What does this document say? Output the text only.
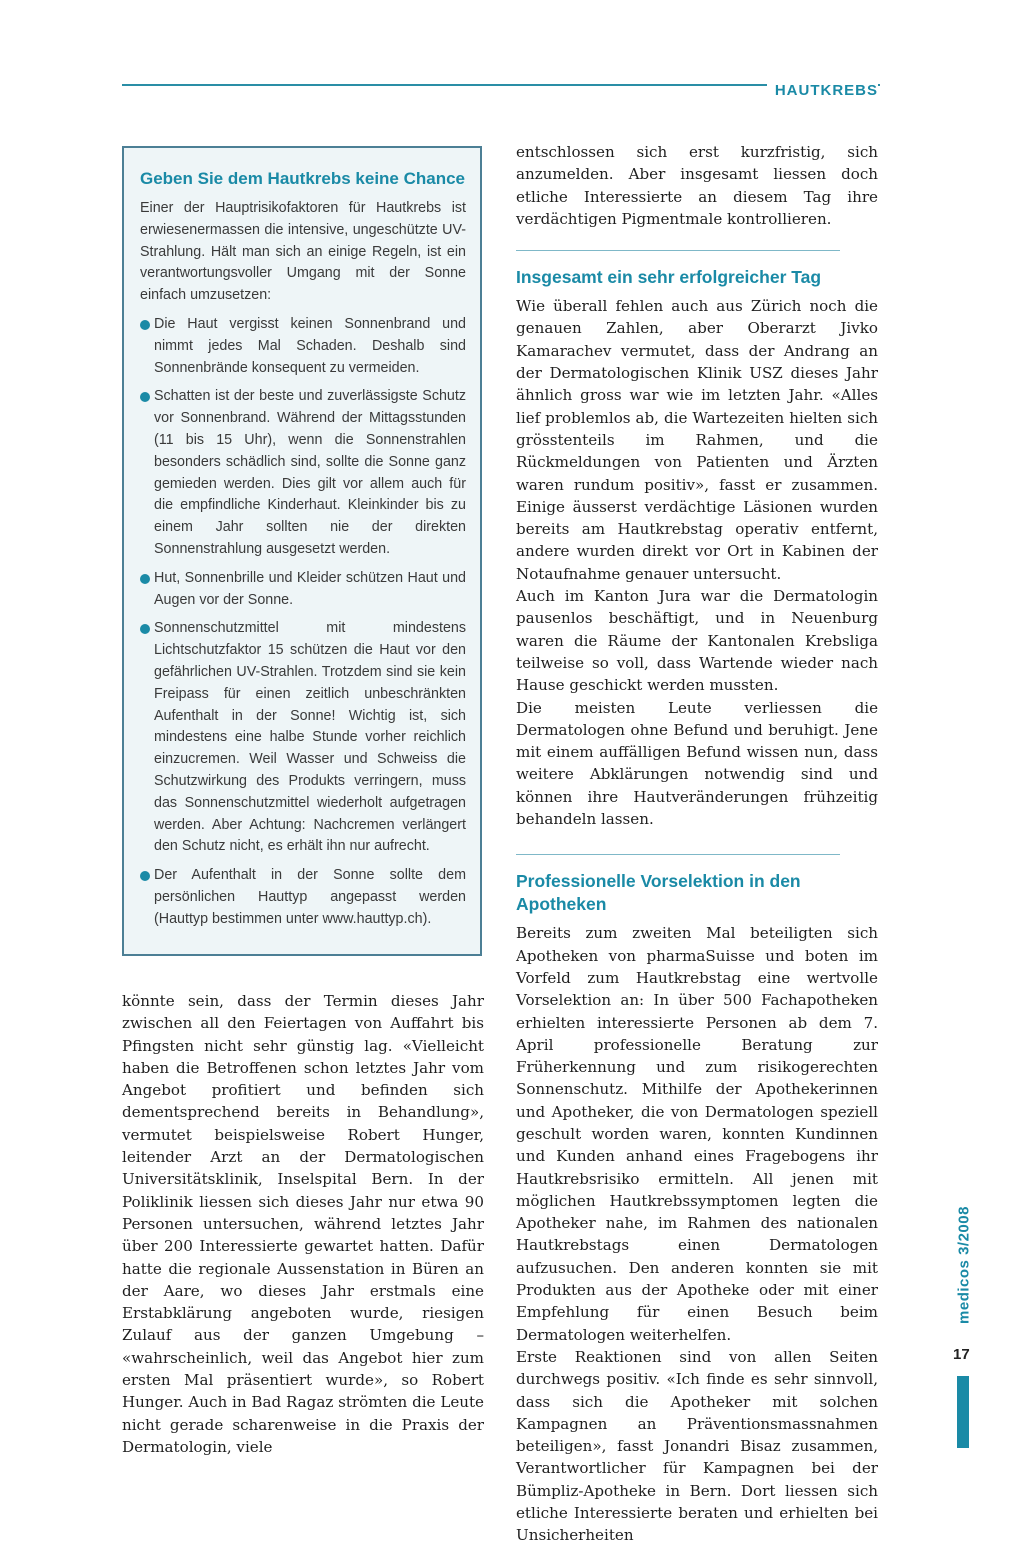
HAUTKREBS
Geben Sie dem Hautkrebs keine Chance

Einer der Hauptrisikofaktoren für Hautkrebs ist erwiesenermassen die intensive, ungeschützte UV-Strahlung. Hält man sich an einige Regeln, ist ein verantwortungsvoller Umgang mit der Sonne einfach umzusetzen:

Die Haut vergisst keinen Sonnenbrand und nimmt jedes Mal Schaden. Deshalb sind Sonnenbrände konsequent zu vermeiden.
Schatten ist der beste und zuverlässigste Schutz vor Sonnenbrand. Während der Mittagsstunden (11 bis 15 Uhr), wenn die Sonnenstrahlen besonders schädlich sind, sollte die Sonne ganz gemieden werden. Dies gilt vor allem auch für die empfindliche Kinderhaut. Kleinkinder bis zu einem Jahr sollten nie der direkten Sonnenstrahlung ausgesetzt werden.
Hut, Sonnenbrille und Kleider schützen Haut und Augen vor der Sonne.
Sonnenschutzmittel mit mindestens Lichtschutzfaktor 15 schützen die Haut vor den gefährlichen UV-Strahlen. Trotzdem sind sie kein Freipass für einen zeitlich unbeschränkten Aufenthalt in der Sonne! Wichtig ist, sich mindestens eine halbe Stunde vorher reichlich einzucremen. Weil Wasser und Schweiss die Schutzwirkung des Produkts verringern, muss das Sonnenschutzmittel wiederholt aufgetragen werden. Aber Achtung: Nachcremen verlängert den Schutz nicht, es erhält ihn nur aufrecht.
Der Aufenthalt in der Sonne sollte dem persönlichen Hauttyp angepasst werden (Hauttyp bestimmen unter www.hauttyp.ch).

könnte sein, dass der Termin dieses Jahr zwischen all den Feiertagen von Auffahrt bis Pfingsten nicht sehr günstig lag. «Vielleicht haben die Betroffenen schon letztes Jahr vom Angebot profitiert und befinden sich dementsprechend bereits in Behandlung», vermutet beispielsweise Robert Hunger, leitender Arzt an der Dermatologischen Universitätsklinik, Inselspital Bern. In der Poliklinik liessen sich dieses Jahr nur etwa 90 Personen untersuchen, während letztes Jahr über 200 Interessierte gewartet hatten. Dafür hatte die regionale Aussenstation in Büren an der Aare, wo dieses Jahr erstmals eine Erstabklärung angeboten wurde, riesigen Zulauf aus der ganzen Umgebung – «wahrscheinlich, weil das Angebot hier zum ersten Mal präsentiert wurde», so Robert Hunger. Auch in Bad Ragaz strömten die Leute nicht gerade scharenweise in die Praxis der Dermatologin, viele

entschlossen sich erst kurzfristig, sich anzumelden. Aber insgesamt liessen doch etliche Interessierte an diesem Tag ihre verdächtigen Pigmentmale kontrollieren.

Insgesamt ein sehr erfolgreicher Tag

Wie überall fehlen auch aus Zürich noch die genauen Zahlen, aber Oberarzt Jivko Kamarachev vermutet, dass der Andrang an der Dermatologischen Klinik USZ dieses Jahr ähnlich gross war wie im letzten Jahr. «Alles lief problemlos ab, die Wartezeiten hielten sich grösstenteils im Rahmen, und die Rückmeldungen von Patienten und Ärzten waren rundum positiv», fasst er zusammen. Einige äusserst verdächtige Läsionen wurden bereits am Hautkrebstag operativ entfernt, andere wurden direkt vor Ort in Kabinen der Notaufnahme genauer untersucht.

Auch im Kanton Jura war die Dermatologin pausenlos beschäftigt, und in Neuenburg waren die Räume der Kantonalen Krebsliga teilweise so voll, dass Wartende wieder nach Hause geschickt werden mussten.

Die meisten Leute verliessen die Dermatologen ohne Befund und beruhigt. Jene mit einem auffälligen Befund wissen nun, dass weitere Abklärungen notwendig sind und können ihre Hautveränderungen frühzeitig behandeln lassen.

Professionelle Vorselektion in den Apotheken

Bereits zum zweiten Mal beteiligten sich Apotheken von pharmaSuisse und boten im Vorfeld zum Hautkrebstag eine wertvolle Vorselektion an: In über 500 Fachapotheken erhielten interessierte Personen ab dem 7. April professionelle Beratung zur Früherkennung und zum risikogerechten Sonnenschutz. Mithilfe der Apothekerinnen und Apotheker, die von Dermatologen speziell geschult worden waren, konnten Kundinnen und Kunden anhand eines Fragebogens ihr Hautkrebsrisiko ermitteln. All jenen mit möglichen Hautkrebssymptomen legten die Apotheker nahe, im Rahmen des nationalen Hautkrebstags einen Dermatologen aufzusuchen. Den anderen konnten sie mit Produkten aus der Apotheke oder mit einer Empfehlung für einen Besuch beim Dermatologen weiterhelfen.

Erste Reaktionen sind von allen Seiten durchwegs positiv. «Ich finde es sehr sinnvoll, dass sich die Apotheker mit solchen Kampagnen an Präventionsmassnahmen beteiligen», fasst Jonandri Bisaz zusammen, Verantwortlicher für Kampagnen bei der Bümpliz-Apotheke in Bern. Dort liessen sich etliche Interessierte beraten und erhielten bei Unsicherheiten

medicos 3/2008
17
